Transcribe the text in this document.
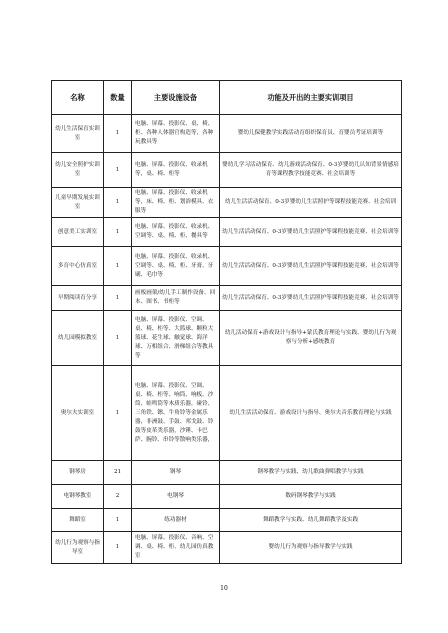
名称	数量	主要设施设备	功能及开出的主要实训项目
幼儿生活保育实训室	1	电脑、屏幕、投影仪、桌、椅、柜、各种人体器官构造等，各种玩教具等	婴幼儿保健教学实践活动育组织保育员、育婴员考证培训等
幼儿安全照护实训室	1	电脑、屏幕、投影仪、收录机等，桌、椅、柜等	婴幼儿学习活动保育、幼儿游戏活动保育、0-3岁婴幼儿认知背景情感培育等课程教学技能竞赛、社会培训等
儿童早期发展实训室	1	电脑、屏幕、投影仪、收录机等，床、椅、柜、划浴模具、衣服等	幼儿生活活动保育、0-3岁婴幼儿生活照护等课程技能竞赛、社会培训
创意美工实训室	1	电脑、屏幕、投影仪、收录机、空调等、桌、椅、柜、餐具等	幼儿生活活动保育、0-3岁婴幼儿生活照护等课程技能竞赛、社会培训等
多育中心仿真室	1	电脑、屏幕、投影仪、收录机、空调等、桌、椅、柜、牙膏、牙刷、毛巾等	幼儿生活活动保育、0-3岁婴幼儿生活照护等课程技能竞赛、社会培训等
早期阅读育分享	1	画板画架/幼儿手工制作设备、回本、图书、书柜等	幼儿生活活动保育、0-3岁婴幼儿生活照护等课程技能竞赛、社会培训等
幼儿园模拟教室	1	电脑、屏幕、投影仪、空调、桌、椅、柜等、大篮球、颗粒大篮球、花生球、触觉球、海洋球、万相组合、滑梯组合等教具等	幼儿活动保育+游戏设计与指导+蒙氏教育理论与实践、婴幼儿行为观察与分析+感统教育
奥尔夫实训室	1	电脑、屏幕、投影仪、空调、桌、椅、柜等、响筒、响板、沙筒、蛙鸣筒等木质乐器，碰铃、三角铁、镲、牛角铃等金属乐器，非洲鼓、手鼓、邦戈鼓、铃鼓等皮革类乐器，沙锤、卡巴萨、腕铃、串铃等散响类乐器，	幼儿生活活动保育、游戏设计与指导、奥尔夫音乐教育理论与实践
钢琴房	21	钢琴	钢琴教学与实践、幼儿歌曲弹唱教学与实践
电钢琴教室	2	电钢琴	数码钢琴教学与实践
舞蹈室	1	练功器材	舞蹈教学与实践、幼儿舞蹈教学及实践
幼儿行为观察与指导室	1	电脑、屏幕、投影仪、音响、空调、桌、椅、柜、幼儿园仿真教室	婴幼儿行为观察与指导教学与实践
10
